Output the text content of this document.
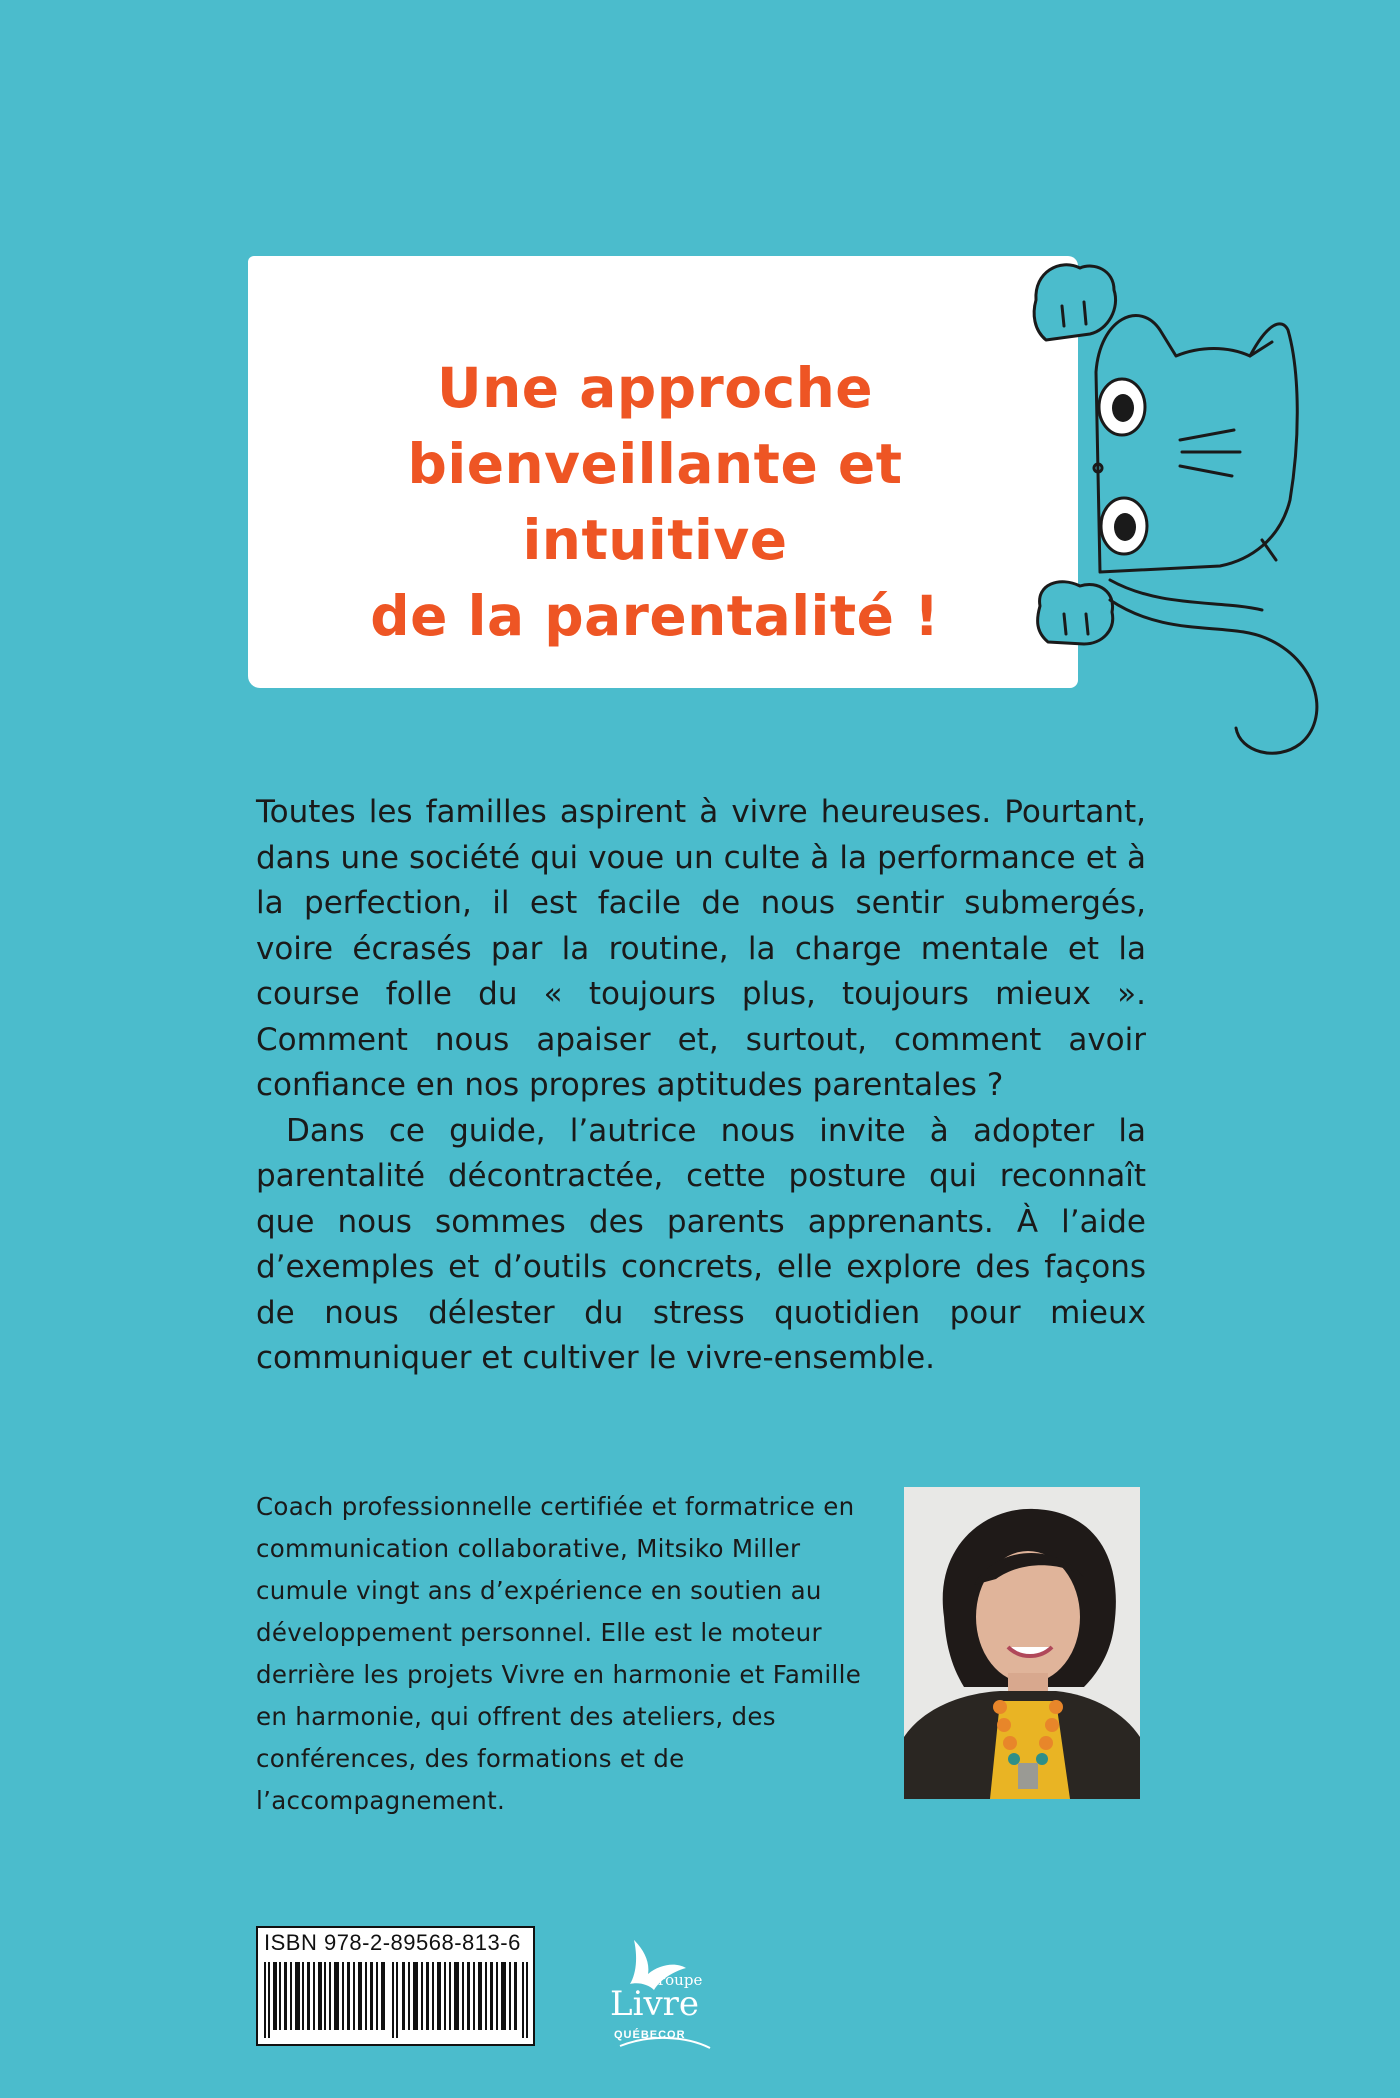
Une approche
bienveillante et intuitive
de la parentalité !

Toutes les familles aspirent à vivre heureuses. Pourtant, dans une société qui voue un culte à la performance et à la perfection, il est facile de nous sentir submergés, voire écrasés par la routine, la charge mentale et la course folle du « toujours plus, toujours mieux ». Comment nous apaiser et, surtout, comment avoir confiance en nos propres aptitudes parentales ?

Dans ce guide, l’autrice nous invite à adopter la parentalité décontractée, cette posture qui reconnaît que nous sommes des parents apprenants. À l’aide d’exemples et d’outils concrets, elle explore des façons de nous délester du stress quotidien pour mieux communiquer et cultiver le vivre-ensemble.

Coach professionnelle certifiée et formatrice en communication collaborative, Mitsiko Miller cumule vingt ans d’expérience en soutien au développement personnel. Elle est le moteur derrière les projets Vivre en harmonie et Famille en harmonie, qui offrent des ateliers, des conférences, des formations et de l’accompagnement.

ISBN 978-2-89568-813-6
Groupe
Livre
QUÉBECOR
